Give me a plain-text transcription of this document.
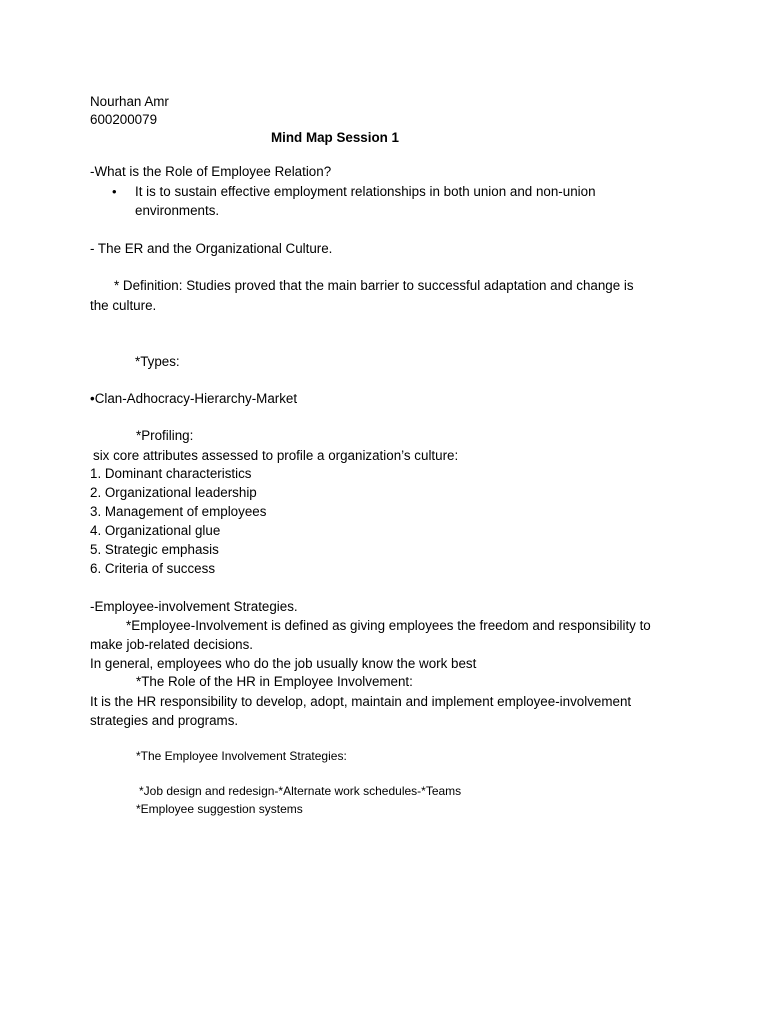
Nourhan Amr
600200079
Mind Map Session 1
-What is the Role of Employee Relation?
• It is to sustain effective employment relationships in both union and non-union
environments.
- The ER and the Organizational Culture.
* Definition: Studies proved that the main barrier to successful adaptation and change is
the culture.
*Types:
•Clan-Adhocracy-Hierarchy-Market
*Profiling:
six core attributes assessed to profile a organization’s culture:
1. Dominant characteristics
2. Organizational leadership
3. Management of employees
4. Organizational glue
5. Strategic emphasis
6. Criteria of success
-Employee-involvement Strategies.
*Employee-Involvement is defined as giving employees the freedom and responsibility to
make job-related decisions.
In general, employees who do the job usually know the work best
*The Role of the HR in Employee Involvement:
It is the HR responsibility to develop, adopt, maintain and implement employee-involvement
strategies and programs.
*The Employee Involvement Strategies:
*Job design and redesign-*Alternate work schedules-*Teams
*Employee suggestion systems
